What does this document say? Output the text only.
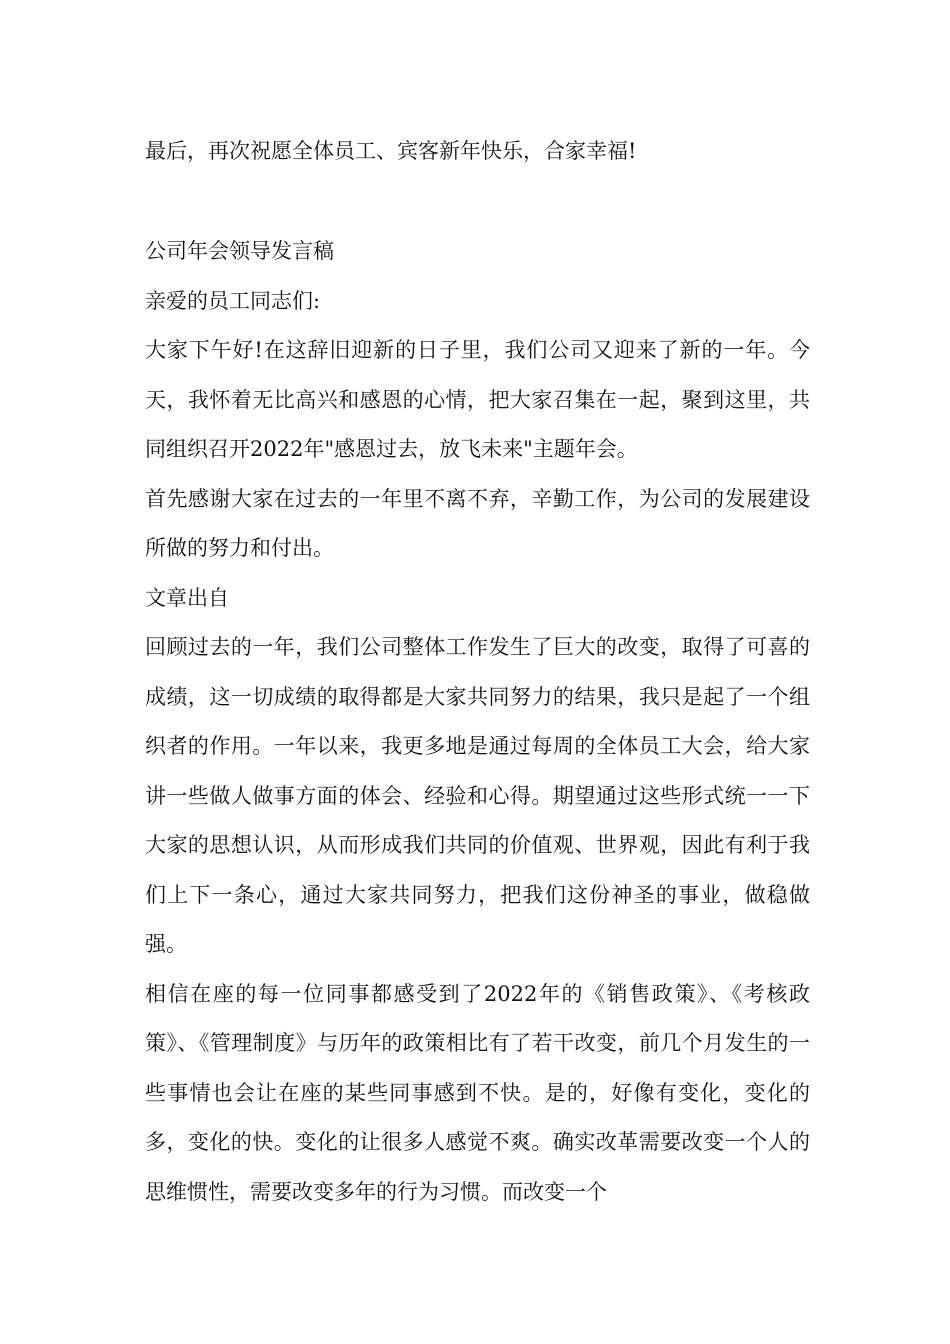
最后，再次祝愿全体员工、宾客新年快乐，合家幸福!

公司年会领导发言稿

亲爱的员工同志们:

大家下午好!在这辞旧迎新的日子里，我们公司又迎来了新的一年。今天，我怀着无比高兴和感恩的心情，把大家召集在一起，聚到这里，共同组织召开2022年"感恩过去，放飞未来"主题年会。

首先感谢大家在过去的一年里不离不弃，辛勤工作，为公司的发展建设所做的努力和付出。

文章出自

回顾过去的一年，我们公司整体工作发生了巨大的改变，取得了可喜的成绩，这一切成绩的取得都是大家共同努力的结果，我只是起了一个组织者的作用。一年以来，我更多地是通过每周的全体员工大会，给大家讲一些做人做事方面的体会、经验和心得。期望通过这些形式统一一下大家的思想认识，从而形成我们共同的价值观、世界观，因此有利于我们上下一条心，通过大家共同努力，把我们这份神圣的事业，做稳做强。

相信在座的每一位同事都感受到了2022年的《销售政策》、《考核政策》、《管理制度》与历年的政策相比有了若干改变，前几个月发生的一些事情也会让在座的某些同事感到不快。是的，好像有变化，变化的多，变化的快。变化的让很多人感觉不爽。确实改革需要改变一个人的思维惯性，需要改变多年的行为习惯。而改变一个
